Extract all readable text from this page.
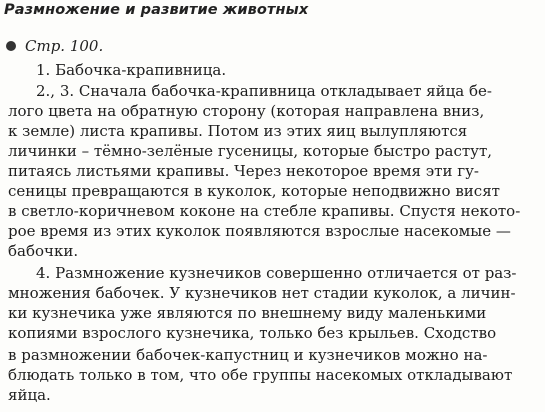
Размножение и развитие животных
Стр. 100.
1. Бабочка-крапивница.
2., 3. Сначала бабочка-крапивница откладывает яйца бе-
лого цвета на обратную сторону (которая направлена вниз,
к земле) листа крапивы. Потом из этих яиц вылупляются
личинки – тёмно-зелёные гусеницы, которые быстро растут,
питаясь листьями крапивы. Через некоторое время эти гу-
сеницы превращаются в куколок, которые неподвижно висят
в светло-коричневом коконе на стебле крапивы. Спустя некото-
рое время из этих куколок появляются взрослые насекомые —
бабочки.
4. Размножение кузнечиков совершенно отличается от раз-
множения бабочек. У кузнечиков нет стадии куколок, а личин-
ки кузнечика уже являются по внешнему виду маленькими
копиями взрослого кузнечика, только без крыльев. Сходство
в размножении бабочек-капустниц и кузнечиков можно на-
блюдать только в том, что обе группы насекомых откладывают
яйца.
